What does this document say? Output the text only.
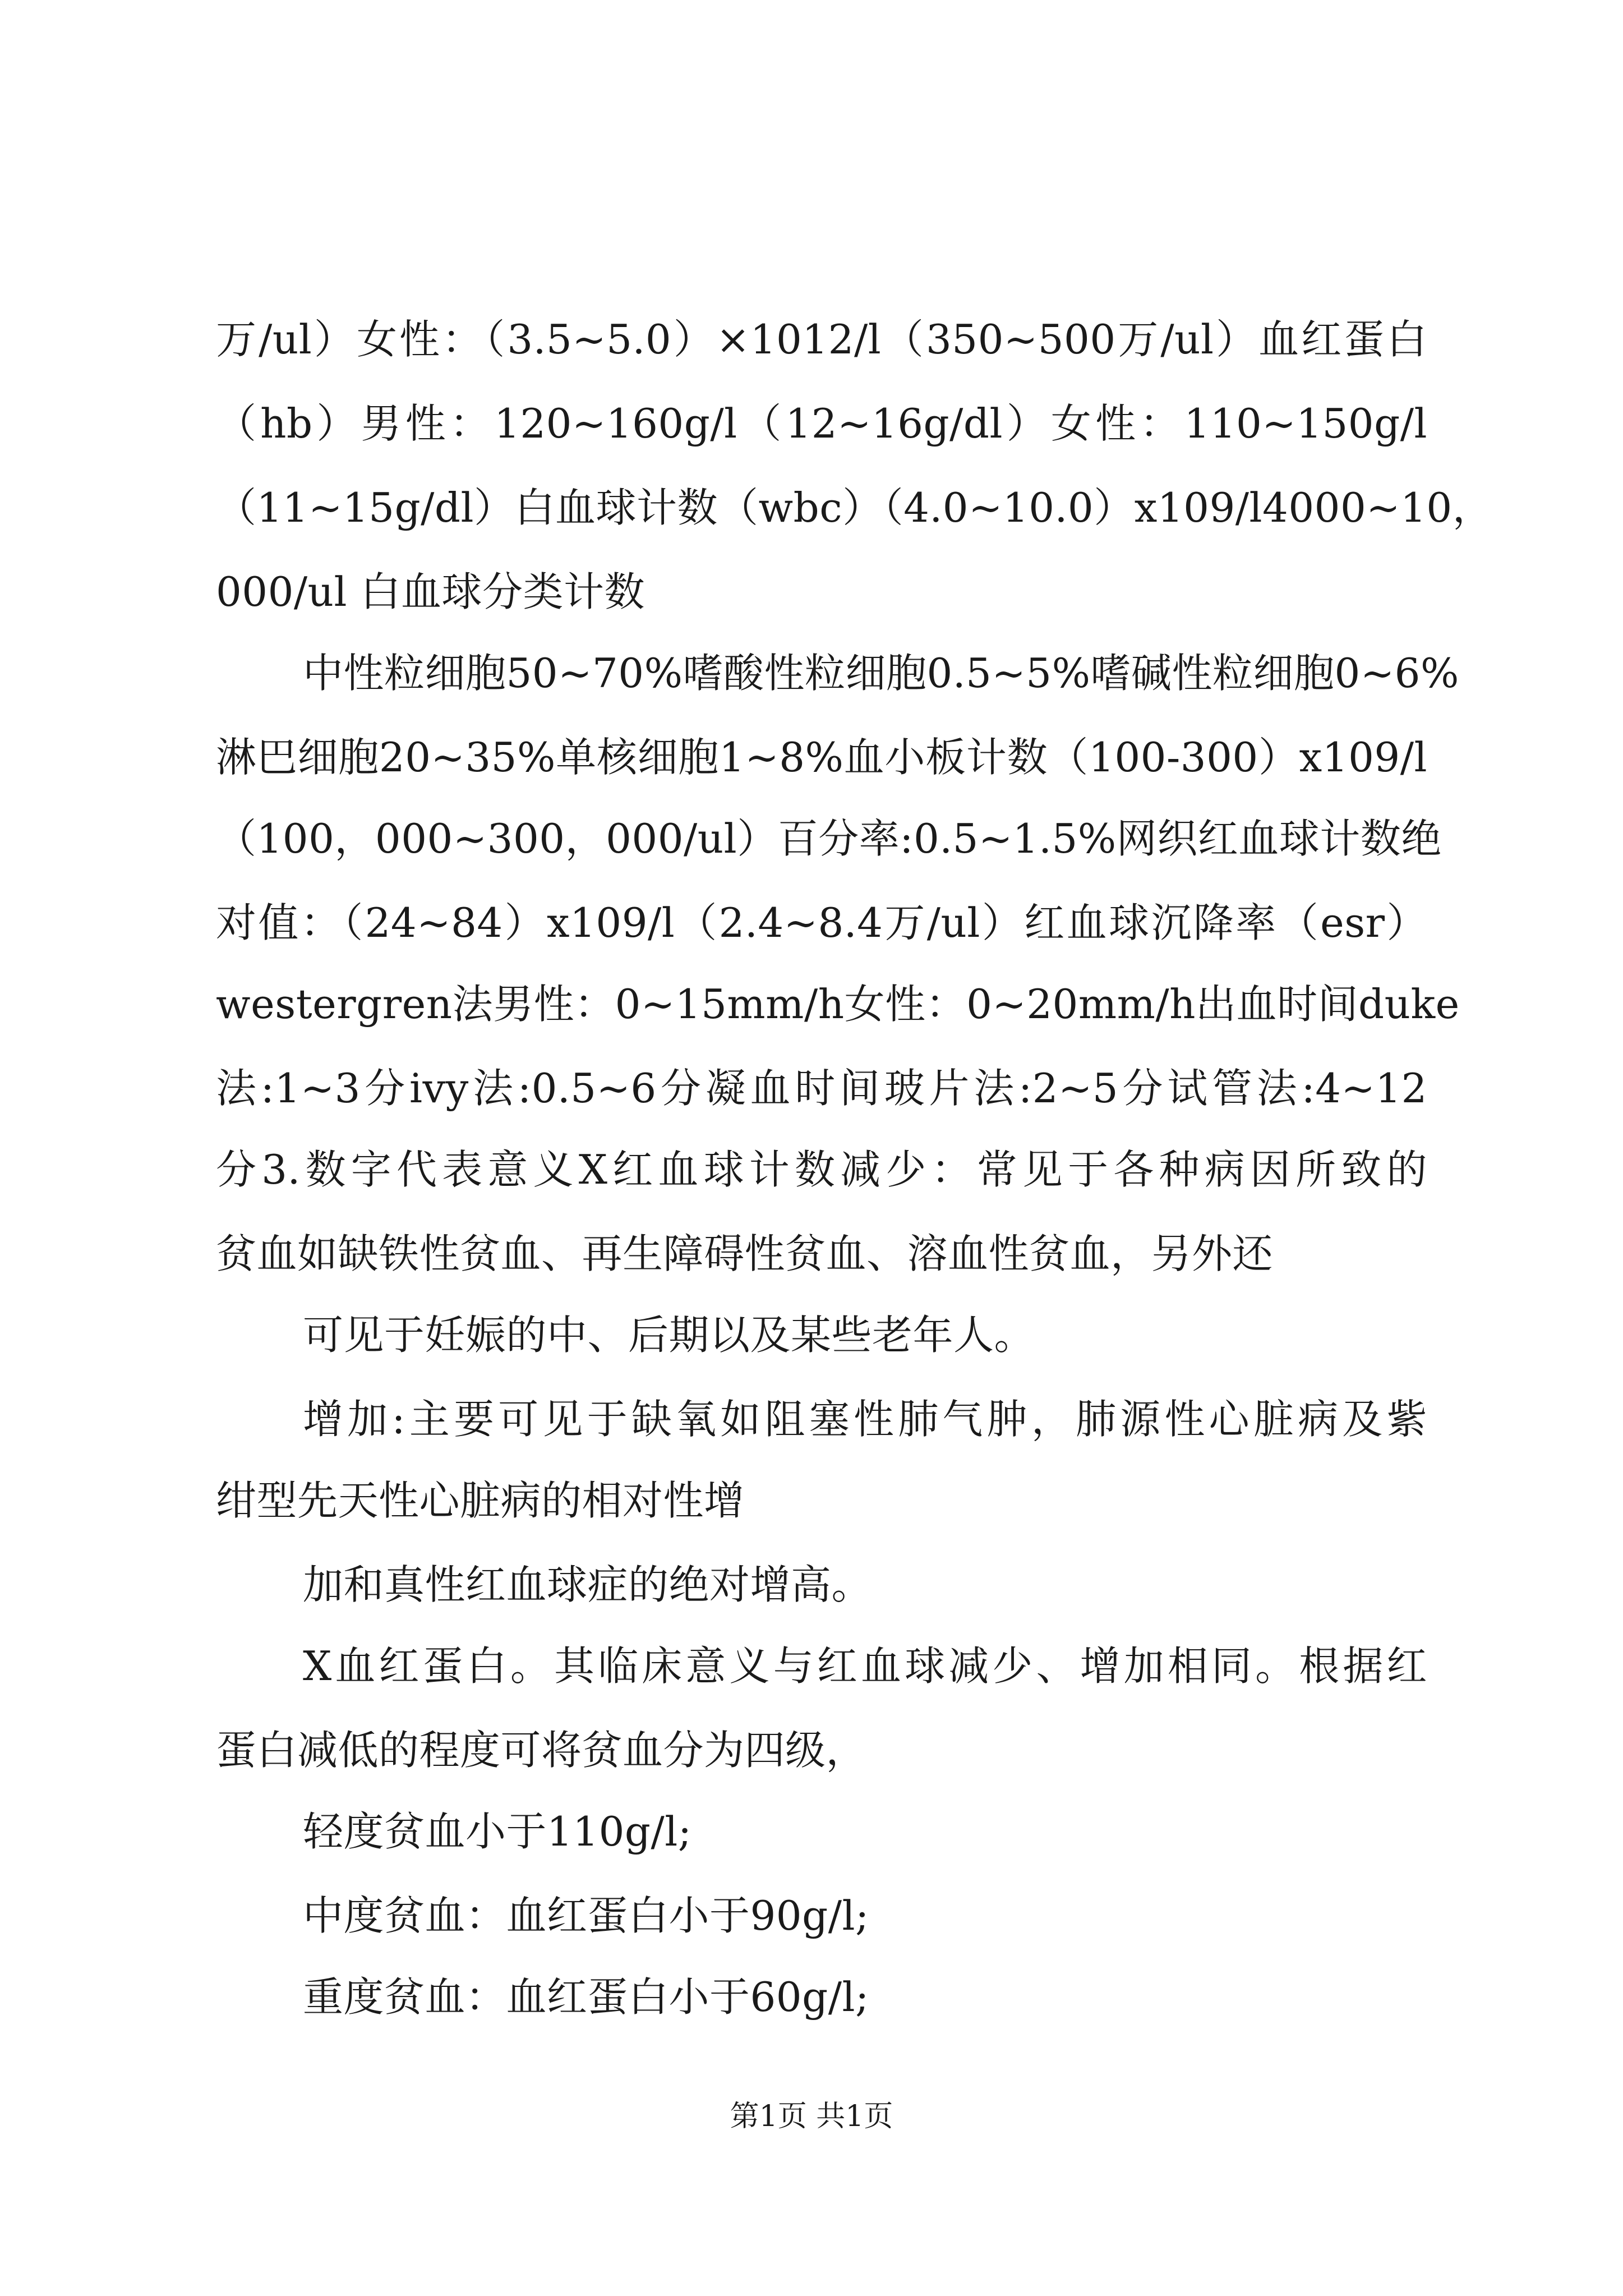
万/ul）女性：（3.5~5.0）×1012/l（350~500万/ul）血红蛋白
（hb）男性：120~160g/l（12~16g/dl）女性：110~150g/l
（11~15g/dl）白血球计数（wbc）（4.0~10.0）x109/l4000~10，
000/ul 白血球分类计数
中性粒细胞50~70%嗜酸性粒细胞0.5~5%嗜碱性粒细胞0~6%
淋巴细胞20~35%单核细胞1~8%血小板计数（100-300）x109/l
（100，000~300，000/ul）百分率:0.5~1.5%网织红血球计数绝
对值：（24~84）x109/l（2.4~8.4万/ul）红血球沉降率（esr）
westergren法男性：0~15mm/h女性：0~20mm/h出血时间duke
法:1~3分ivy法:0.5~6分凝血时间玻片法:2~5分试管法:4~12
分3.数字代表意义X红血球计数减少：常见于各种病因所致的
贫血如缺铁性贫血、再生障碍性贫血、溶血性贫血，另外还
可见于妊娠的中、后期以及某些老年人。
增加:主要可见于缺氧如阻塞性肺气肿，肺源性心脏病及紫
绀型先天性心脏病的相对性增
加和真性红血球症的绝对增高。
X血红蛋白。其临床意义与红血球减少、增加相同。根据红
蛋白减低的程度可将贫血分为四级，
轻度贫血小于110g/l;
中度贫血：血红蛋白小于90g/l;
重度贫血：血红蛋白小于60g/l;
第1页 共1页
